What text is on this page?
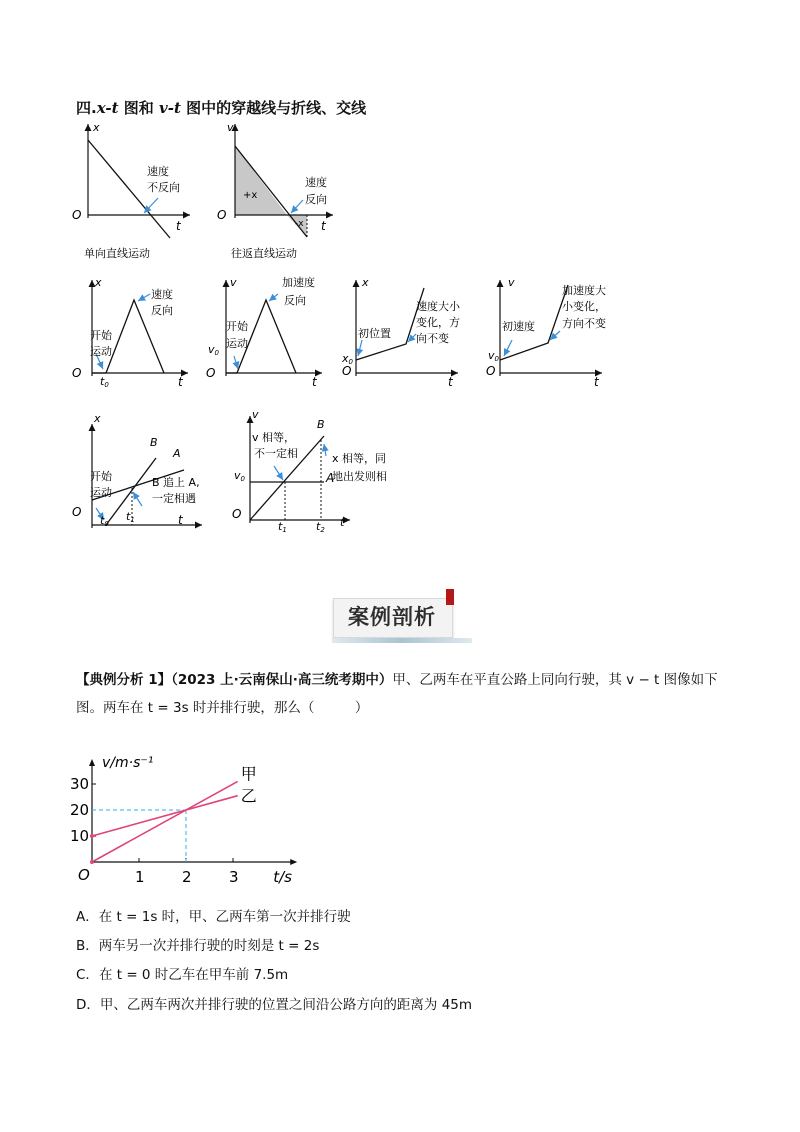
四.x-t 图和 v-t 图中的穿越线与折线、交线
x
t
O
速度
不反向
单向直线运动
v
t
O
+x
-x
速度
反向
往返直线运动
x
t
O
速度
反向
开始
运动
t0
v
t
O
加速度
反向
开始
运动
v0
x
t
O
初位置
速度大小
变化，方
向不变
x0
v
t
O
初速度
加速度大
小变化，
方向不变
v0
x
t
O
B
A
开始
运动
B 追上 A,
一定相遇
t0
t1
v
t
O
B
A
v0
v 相等，
不一定相	x 相等，同
地出发则相
t1	t2
案例剖析
【典例分析 1】（2023 上·云南保山·高三统考期中）甲、乙两车在平直公路上同向行驶，其 v − t 图像如下图。两车在 t = 3s 时并排行驶，那么（　　　）
1 2 3
10
20
30
甲
乙
v/m·s⁻¹
t/s
O
A．在 t = 1s 时，甲、乙两车第一次并排行驶
B．两车另一次并排行驶的时刻是 t = 2s
C．在 t = 0 时乙车在甲车前 7.5m
D．甲、乙两车两次并排行驶的位置之间沿公路方向的距离为 45m
